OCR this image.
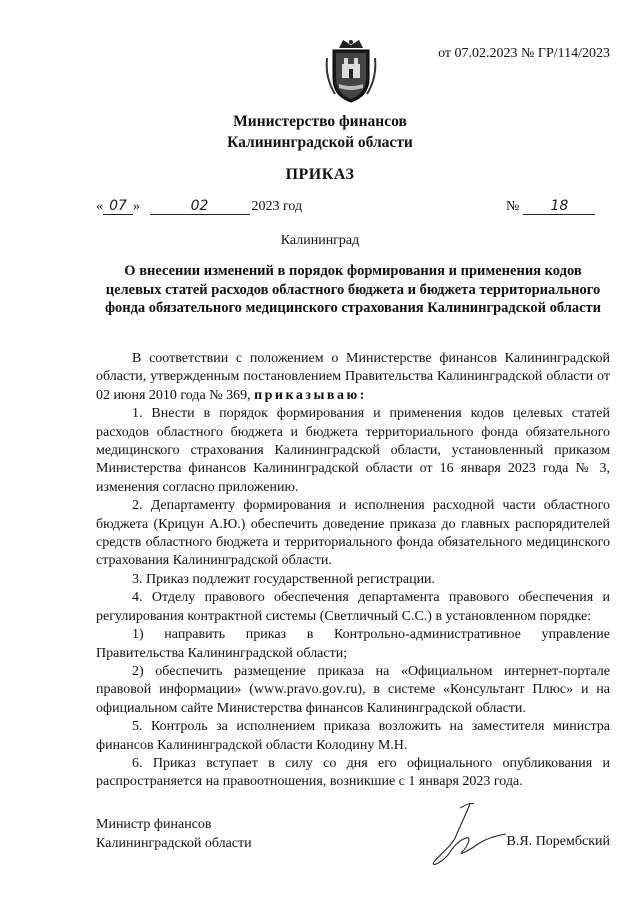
от 07.02.2023 № ГР/114/2023
Министерство финансов
Калининградской области
ПРИКАЗ
« 07 »	02	2023 год	№ 18
Калининград
О внесении изменений в порядок формирования и применения кодов целевых статей расходов областного бюджета и бюджета территориального фонда обязательного медицинского страхования Калининградской области

В соответствии с положением о Министерстве финансов Калининградской области, утвержденным постановлением Правительства Калининградской области от 02 июня 2010 года № 369, приказываю:

1. Внести в порядок формирования и применения кодов целевых статей расходов областного бюджета и бюджета территориального фонда обязательного медицинского страхования Калининградской области, установленный приказом Министерства финансов Калининградской области от 16 января 2023 года № 3, изменения согласно приложению.

2. Департаменту формирования и исполнения расходной части областного бюджета (Крицун А.Ю.) обеспечить доведение приказа до главных распорядителей средств областного бюджета и территориального фонда обязательного медицинского страхования Калининградской области.

3. Приказ подлежит государственной регистрации.

4. Отделу правового обеспечения департамента правового обеспечения и регулирования контрактной системы (Светличный С.С.) в установленном порядке:

1) направить приказ в Контрольно-административное управление Правительства Калининградской области;

2) обеспечить размещение приказа на «Официальном интернет-портале правовой информации» (www.pravo.gov.ru), в системе «Консультант Плюс» и на официальном сайте Министерства финансов Калининградской области.

5. Контроль за исполнением приказа возложить на заместителя министра финансов Калининградской области Колодину М.Н.

6. Приказ вступает в силу со дня его официального опубликования и распространяется на правоотношения, возникшие с 1 января 2023 года.

Министр финансов
Калининградской области	В.Я. Порембский
